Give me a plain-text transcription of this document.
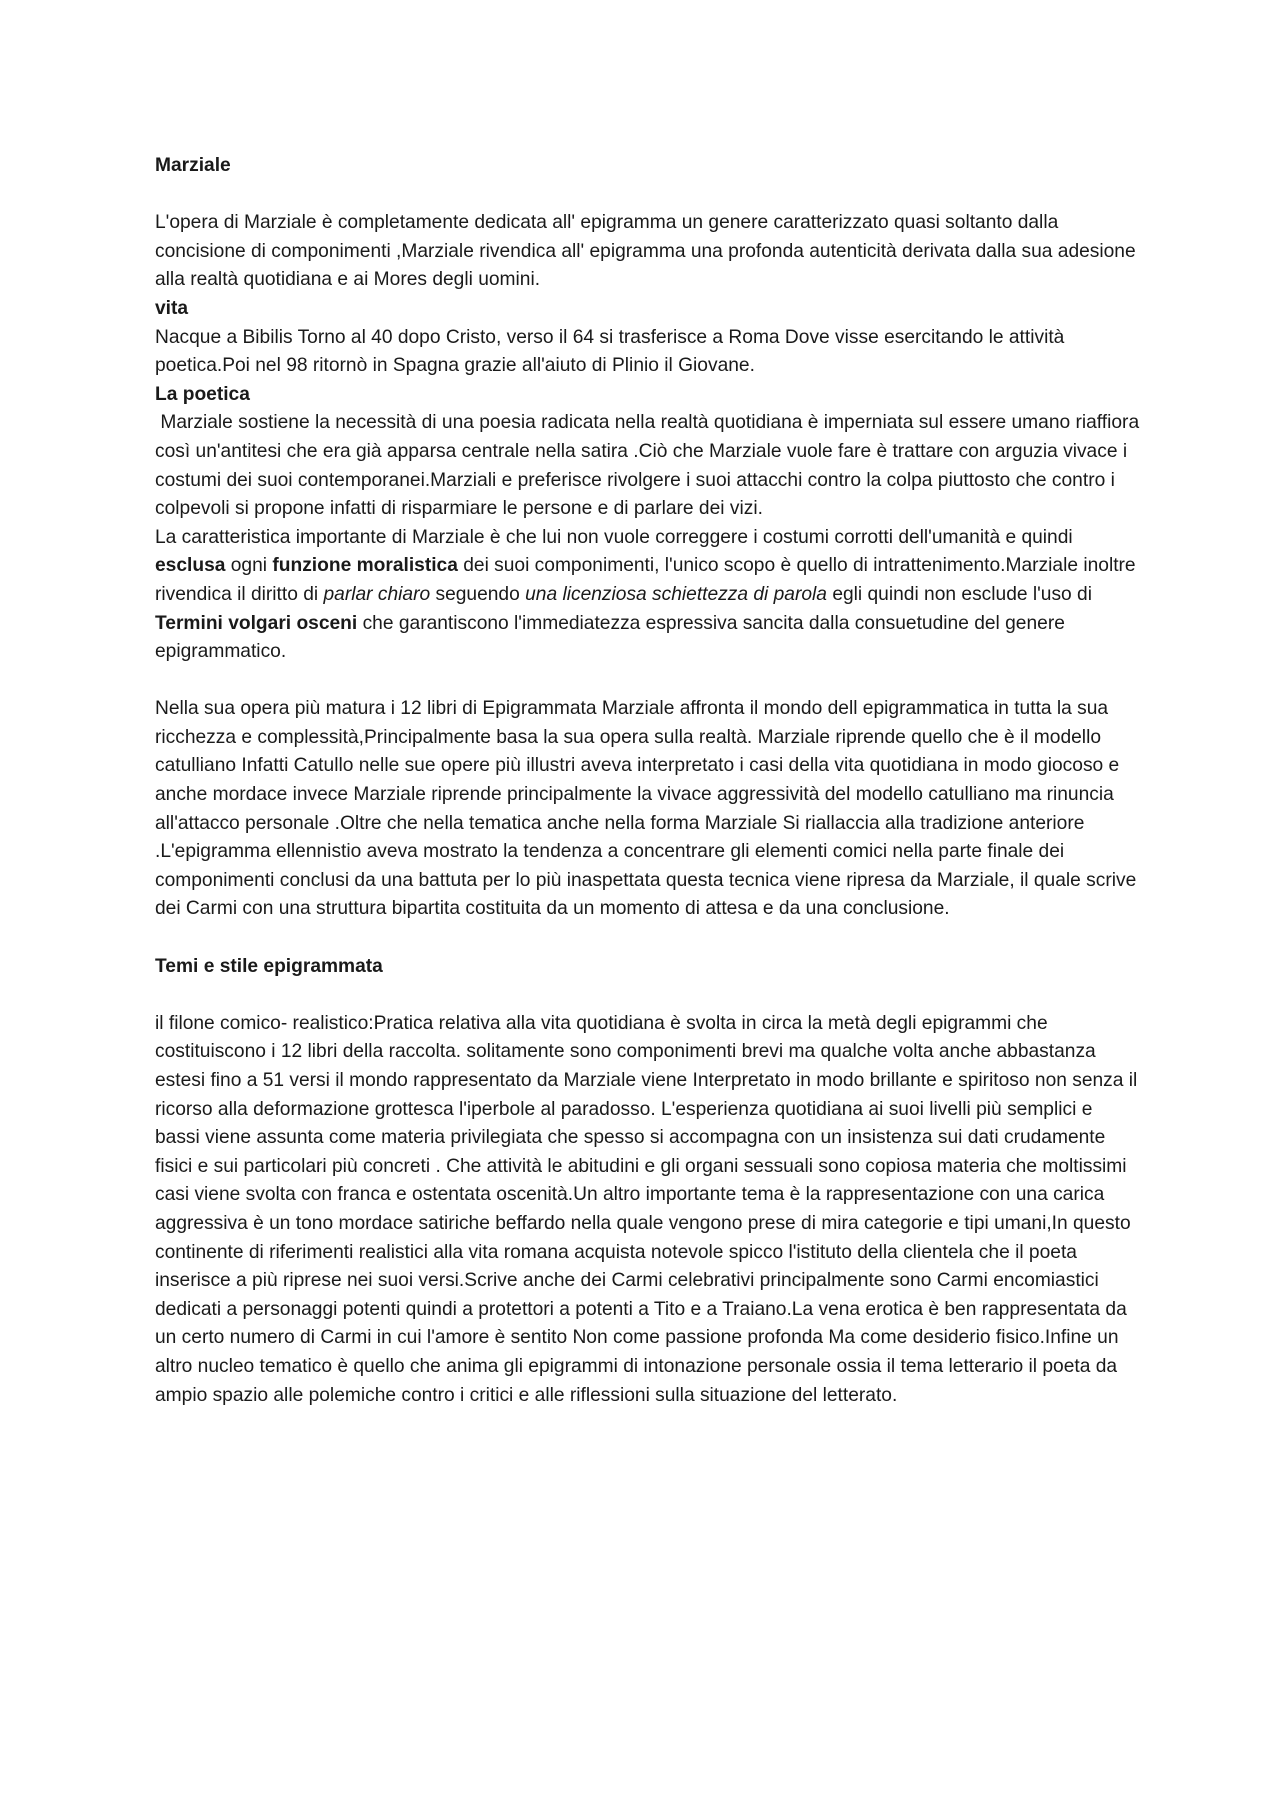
Marziale

L'opera di Marziale è completamente dedicata all' epigramma un genere caratterizzato quasi soltanto dalla concisione di componimenti ,Marziale rivendica all' epigramma una profonda autenticità derivata dalla sua adesione alla realtà quotidiana e ai Mores degli uomini.

vita

Nacque a Bibilis Torno al 40 dopo Cristo, verso il 64 si trasferisce a Roma Dove visse esercitando le attività poetica.Poi nel 98 ritornò in Spagna grazie all'aiuto di Plinio il Giovane.

La poetica

Marziale sostiene la necessità di una poesia radicata nella realtà quotidiana è imperniata sul essere umano riaffiora così un'antitesi che era già apparsa centrale nella satira .Ciò che Marziale vuole fare è trattare con arguzia vivace i costumi dei suoi contemporanei.Marziali e preferisce rivolgere i suoi attacchi contro la colpa piuttosto che contro i colpevoli si propone infatti di risparmiare le persone e di parlare dei vizi.

La caratteristica importante di Marziale è che lui non vuole correggere i costumi corrotti dell'umanità e quindi esclusa ogni funzione moralistica dei suoi componimenti, l'unico scopo è quello di intrattenimento.Marziale inoltre rivendica il diritto di parlar chiaro seguendo una licenziosa schiettezza di parola egli quindi non esclude l'uso di Termini volgari osceni che garantiscono l'immediatezza espressiva sancita dalla consuetudine del genere epigrammatico.

Nella sua opera più matura i 12 libri di Epigrammata Marziale affronta il mondo dell epigrammatica in tutta la sua ricchezza e complessità,Principalmente basa la sua opera sulla realtà. Marziale riprende quello che è il modello catulliano Infatti Catullo nelle sue opere più illustri aveva interpretato i casi della vita quotidiana in modo giocoso e anche mordace invece Marziale riprende principalmente la vivace aggressività del modello catulliano ma rinuncia all'attacco personale .Oltre che nella tematica anche nella forma Marziale Si riallaccia alla tradizione anteriore .L'epigramma ellennistio aveva mostrato la tendenza a concentrare gli elementi comici nella parte finale dei componimenti conclusi da una battuta per lo più inaspettata questa tecnica viene ripresa da Marziale, il quale scrive dei Carmi con una struttura bipartita costituita da un momento di attesa e da una conclusione.

Temi e stile epigrammata

il filone comico- realistico:Pratica relativa alla vita quotidiana è svolta in circa la metà degli epigrammi che costituiscono i 12 libri della raccolta. solitamente sono componimenti brevi ma qualche volta anche abbastanza estesi fino a 51 versi il mondo rappresentato da Marziale viene Interpretato in modo brillante e spiritoso non senza il ricorso alla deformazione grottesca l'iperbole al paradosso. L'esperienza quotidiana ai suoi livelli più semplici e bassi viene assunta come materia privilegiata che spesso si accompagna con un insistenza sui dati crudamente fisici e sui particolari più concreti . Che attività le abitudini e gli organi sessuali sono copiosa materia che moltissimi casi viene svolta con franca e ostentata oscenità.Un altro importante tema è la rappresentazione con una carica aggressiva è un tono mordace satiriche beffardo nella quale vengono prese di mira categorie e tipi umani,In questo continente di riferimenti realistici alla vita romana acquista notevole spicco l'istituto della clientela che il poeta inserisce a più riprese nei suoi versi.Scrive anche dei Carmi celebrativi principalmente sono Carmi encomiastici dedicati a personaggi potenti quindi a protettori a potenti a Tito e a Traiano.La vena erotica è ben rappresentata da un certo numero di Carmi in cui l'amore è sentito Non come passione profonda Ma come desiderio fisico.Infine un altro nucleo tematico è quello che anima gli epigrammi di intonazione personale ossia il tema letterario il poeta da ampio spazio alle polemiche contro i critici e alle riflessioni sulla situazione del letterato.
